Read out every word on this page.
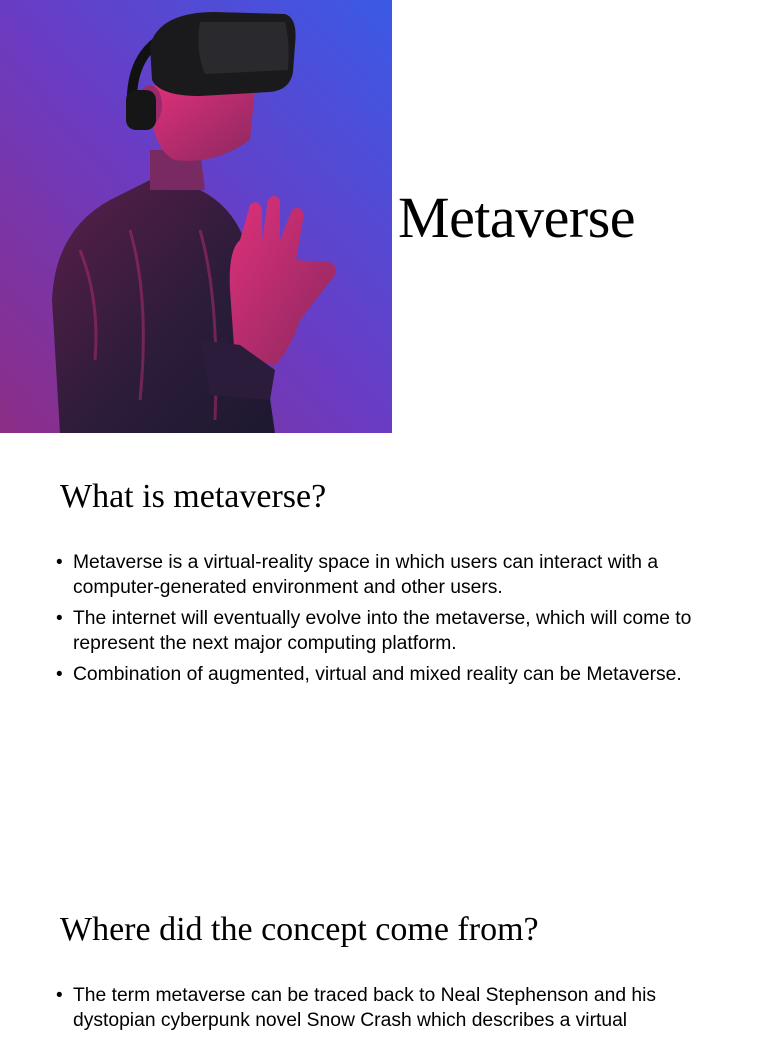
Metaverse
What is metaverse?
• Metaverse is a virtual-reality space in which users can interact with a computer-generated environment and other users.
• The internet will eventually evolve into the metaverse, which will come to represent the next major computing platform.
• Combination of augmented, virtual and mixed reality can be Metaverse.
Where did the concept come from?
• The term metaverse can be traced back to Neal Stephenson and his dystopian cyberpunk novel Snow Crash which describes a virtual
